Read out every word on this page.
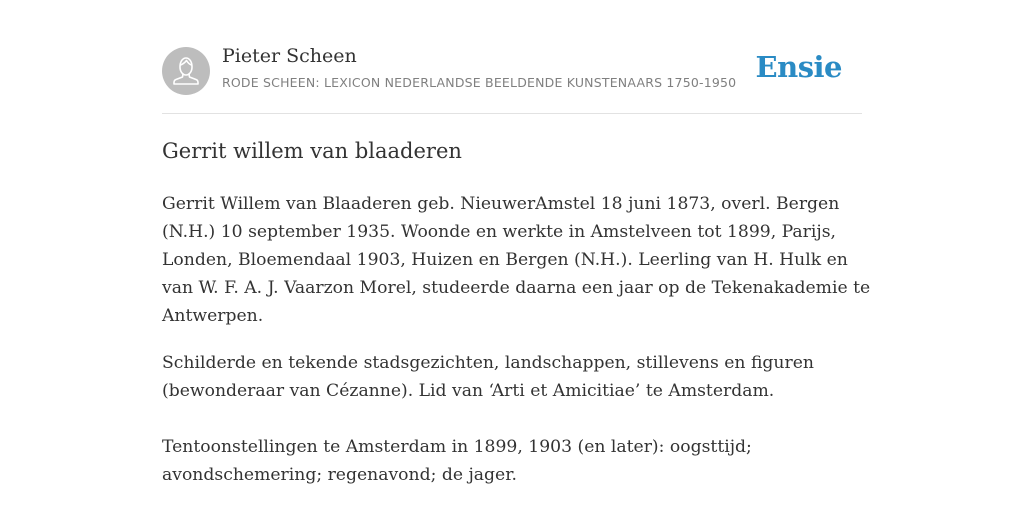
Pieter Scheen
RODE SCHEEN: LEXICON NEDERLANDSE BEELDENDE KUNSTENAARS 1750-1950 Ensie
Gerrit willem van blaaderen

Gerrit Willem van Blaaderen geb. NieuwerAmstel 18 juni 1873, overl. Bergen (N.H.) 10 september 1935. Woonde en werkte in Amstelveen tot 1899, Parijs, Londen, Bloemendaal 1903, Huizen en Bergen (N.H.). Leerling van H. Hulk en van W. F. A. J. Vaarzon Morel, studeerde daarna een jaar op de Tekenakademie te Antwerpen.

Schilderde en tekende stadsgezichten, landschappen, stillevens en figuren (bewonderaar van Cézanne). Lid van ‘Arti et Amicitiae’ te Amsterdam.

Tentoonstellingen te Amsterdam in 1899, 1903 (en later): oogsttijd; avondschemering; regenavond; de jager.
